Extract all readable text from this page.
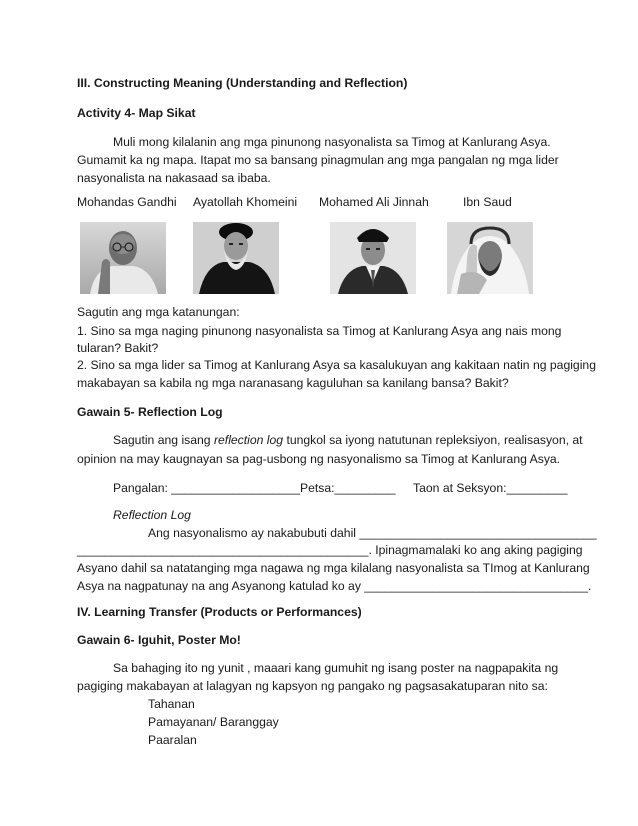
III. Constructing Meaning (Understanding and Reflection)
Activity 4- Map Sikat
Muli mong kilalanin ang mga pinunong nasyonalista sa Timog at Kanlurang Asya.
Gumamit ka ng mapa. Itapat mo sa bansang pinagmulan ang mga pangalan ng mga lider
nasyonalista na nakasaad sa ibaba.
Mohandas Gandhi Ayatollah Khomeini Mohamed Ali Jinnah	Ibn Saud
Sagutin ang mga katanungan:
1. Sino sa mga naging pinunong nasyonalista sa Timog at Kanlurang Asya ang nais mong
tularan? Bakit?
2. Sino sa mga lider sa Timog at Kanlurang Asya sa kasalukuyan ang kakitaan natin ng pagiging
makabayan sa kabila ng mga naranasang kaguluhan sa kanilang bansa? Bakit?
Gawain 5- Reflection Log
Sagutin ang isang reflection log tungkol sa iyong natutunan repleksiyon, realisasyon, at
opinion na may kaugnayan sa pag-usbong ng nasyonalismo sa Timog at Kanlurang Asya.
Pangalan: ___________________ Petsa:_________ Taon at Seksyon:_________
Reflection Log
Ang nasyonalismo ay nakabubuti dahil ___________________________________
___________________________________________. Ipinagmamalaki ko ang aking pagiging
Asyano dahil sa natatanging mga nagawa ng mga kilalang nasyonalista sa TImog at Kanlurang
Asya na nagpatunay na ang Asyanong katulad ko ay _________________________________.
IV. Learning Transfer (Products or Performances)
Gawain 6- Iguhit, Poster Mo!
Sa bahaging ito ng yunit , maaari kang gumuhit ng isang poster na nagpapakita ng
pagiging makabayan at lalagyan ng kapsyon ng pangako ng pagsasakatuparan nito sa:
Tahanan
Pamayanan/ Baranggay
Paaralan
